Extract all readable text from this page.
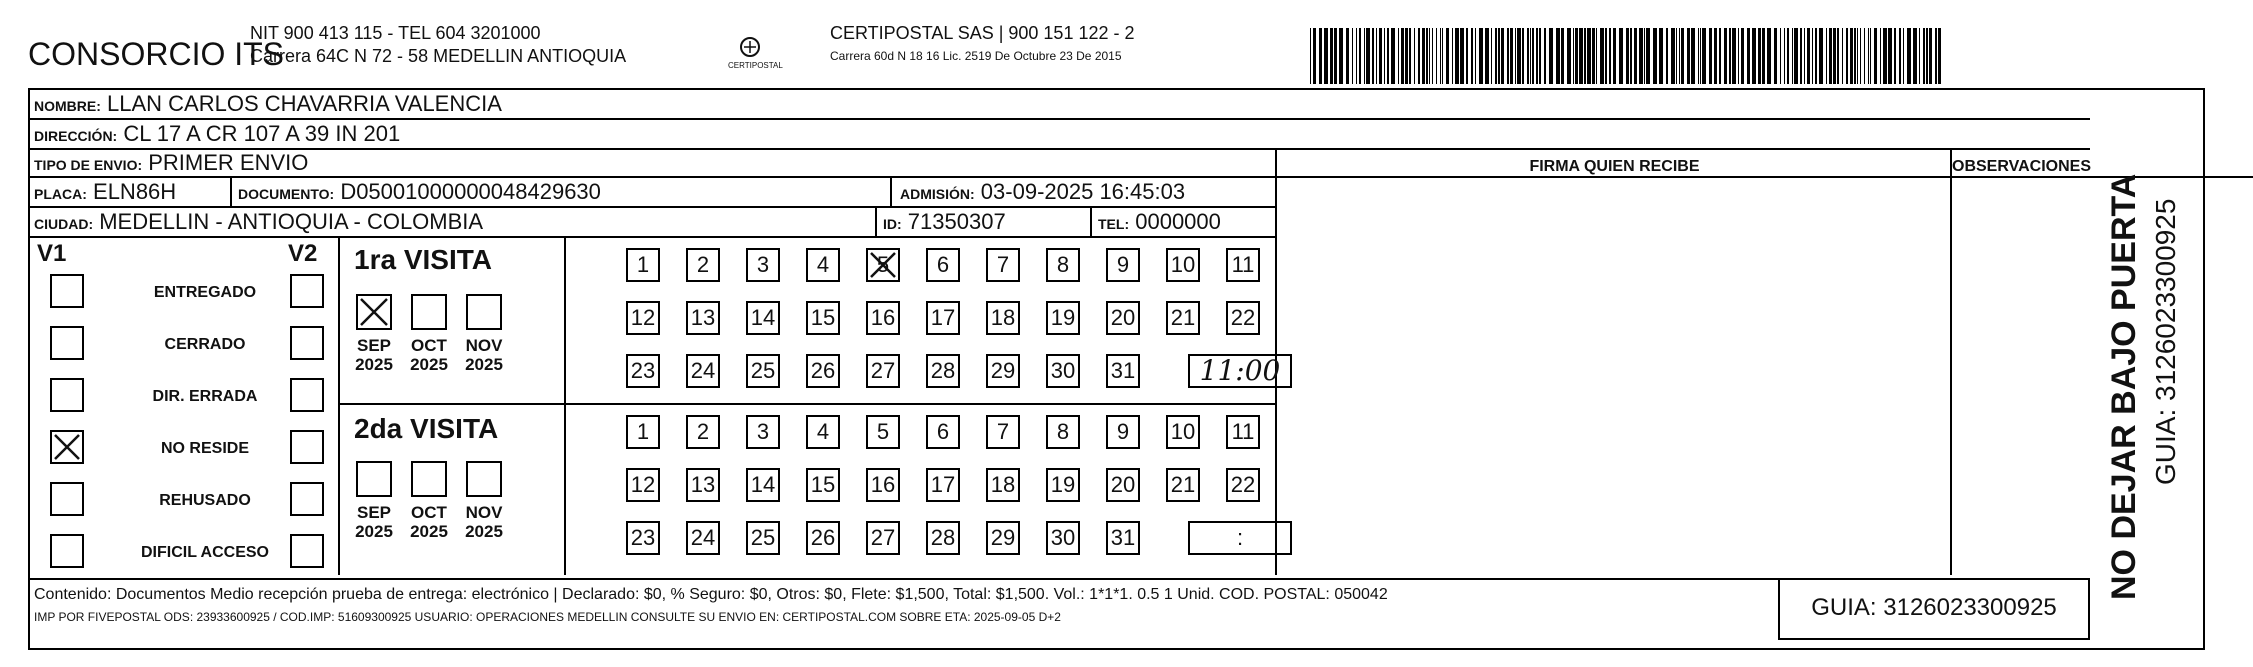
CONSORCIO ITS
NIT 900 413 115 - TEL 604 3201000
Carrera 64C N 72 - 58 MEDELLIN ANTIOQUIA	CERTIPOSTAL
CERTIPOSTAL SAS | 900 151 122 - 2
Carrera 60d N 18 16 Lic. 2519 De Octubre 23 De 2015
NOMBRE: LLAN CARLOS CHAVARRIA VALENCIA
DIRECCIÓN: CL 17 A CR 107 A 39 IN 201
TIPO DE ENVIO: PRIMER ENVIO
PLACA: ELN86H	DOCUMENTO: D05001000000048429630	ADMISIÓN: 03-09-2025 16:45:03
CIUDAD: MEDELLIN - ANTIOQUIA - COLOMBIA	ID: 71350307	TEL: 0000000
FIRMA QUIEN RECIBE	OBSERVACIONES
V1	V2
ENTREGADO
CERRADO
DIR. ERRADA
NO RESIDE
REHUSADO
DIFICIL ACCESO
1ra VISITA
SEP
2025
OCT
2025
NOV
2025
1	2	3	4	5	6	7	8	9	10 11
12 13 14 15 16 17 18 19 20 21 22
23 24 25 26 27 28 29 30 31	11:00
2da VISITA
SEP
2025
OCT
2025
NOV
2025
1	2	3	4	5	6	7	8	9	10 11
12 13 14 15 16 17 18 19 20 21 22
23 24 25 26 27 28 29 30 31	:
Contenido: Documentos Medio recepción prueba de entrega: electrónico | Declarado: $0, % Seguro: $0, Otros: $0, Flete: $1,500, Total: $1,500. Vol.: 1*1*1. 0.5 1 Unid. COD. POSTAL: 050042
IMP POR FIVEPOSTAL ODS: 23933600925 / COD.IMP: 51609300925 USUARIO: OPERACIONES MEDELLIN CONSULTE SU ENVIO EN: CERTIPOSTAL.COM SOBRE ETA: 2025-09-05 D+2	GUIA: 3126023300925
NO DEJAR BAJO PUERTA GUIA: 3126023300925
